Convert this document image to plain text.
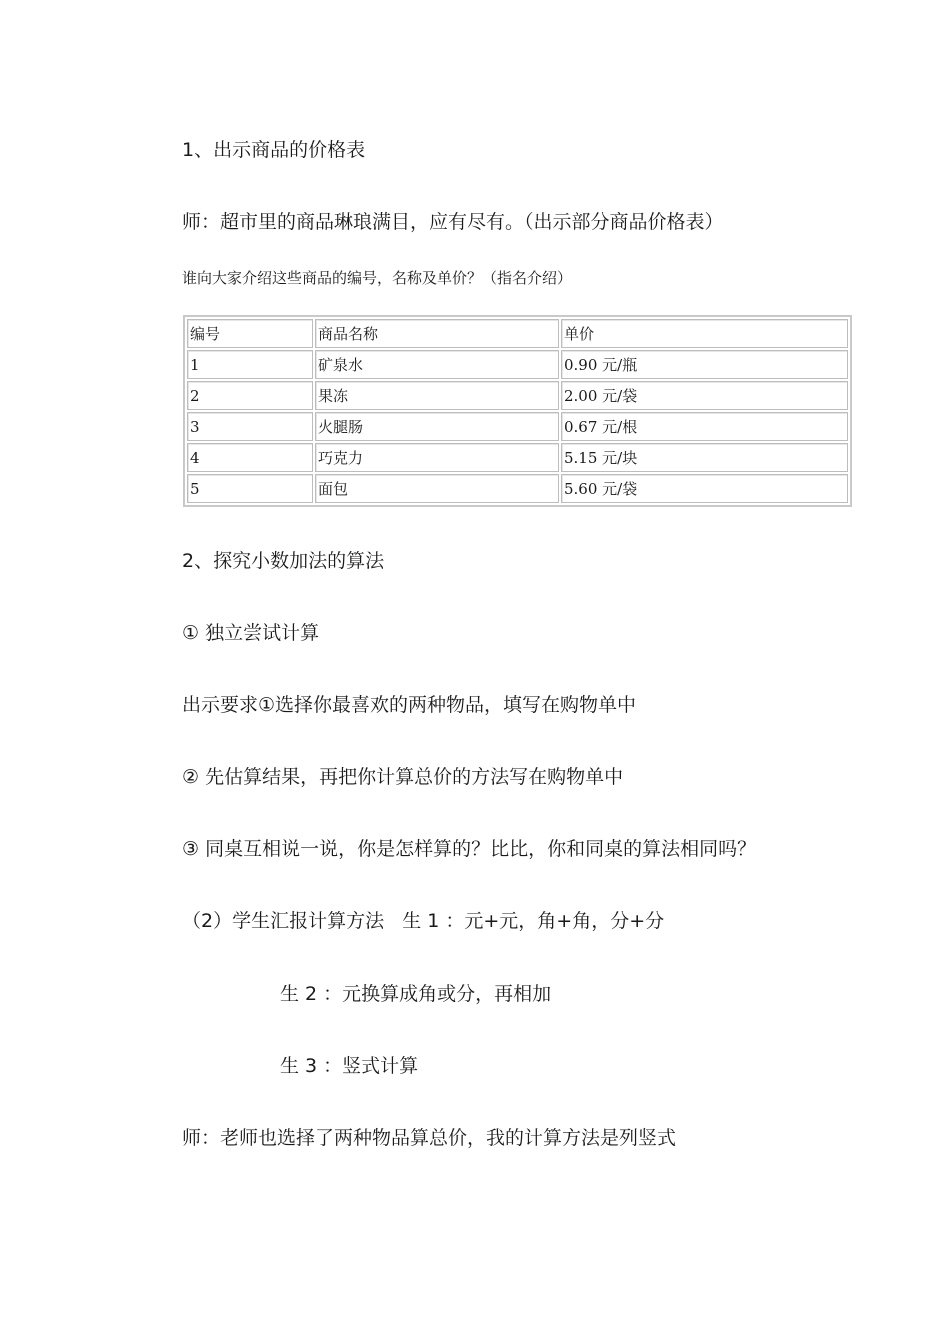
1、出示商品的价格表
师：超市里的商品琳琅满目，应有尽有。（出示部分商品价格表）
谁向大家介绍这些商品的编号，名称及单价？（指名介绍）
编号	商品名称	单价
1	矿泉水	0.90 元/瓶
2	果冻	2.00 元/袋
3	火腿肠	0.67 元/根
4	巧克力	5.15 元/块
5	面包	5.60 元/袋
2、探究小数加法的算法
① 独立尝试计算
出示要求①选择你最喜欢的两种物品，填写在购物单中
② 先估算结果，再把你计算总价的方法写在购物单中
③ 同桌互相说一说，你是怎样算的？比比，你和同桌的算法相同吗？
（2）学生汇报计算方法   生 1 ：元+元，角+角，分+分
生 2 ：元换算成角或分，再相加
生 3 ：竖式计算
师：老师也选择了两种物品算总价，我的计算方法是列竖式
